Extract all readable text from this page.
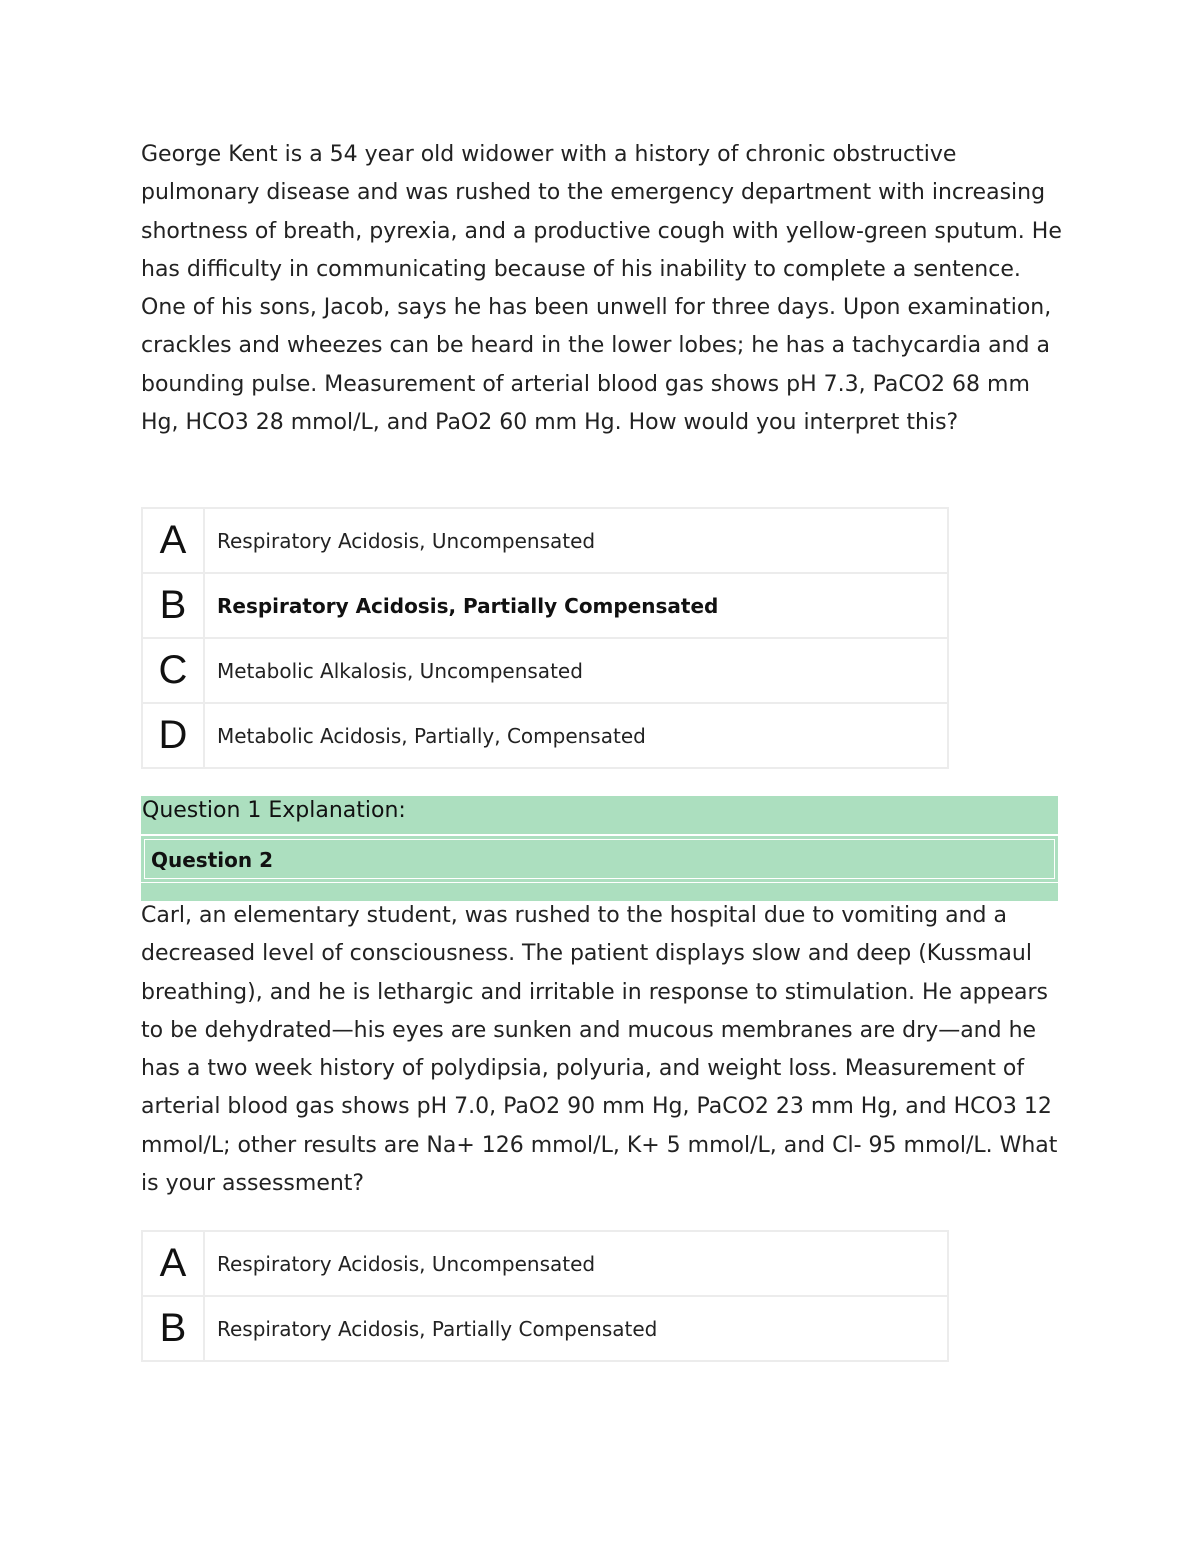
George Kent is a 54 year old widower with a history of chronic obstructive pulmonary disease and was rushed to the emergency department with increasing shortness of breath, pyrexia, and a productive cough with yellow-green sputum. He has difficulty in communicating because of his inability to complete a sentence. One of his sons, Jacob, says he has been unwell for three days. Upon examination, crackles and wheezes can be heard in the lower lobes; he has a tachycardia and a bounding pulse. Measurement of arterial blood gas shows pH 7.3, PaCO2 68 mm Hg, HCO3 28 mmol/L, and PaO2 60 mm Hg. How would you interpret this?

A	Respiratory Acidosis, Uncompensated
B	Respiratory Acidosis, Partially Compensated
C	Metabolic Alkalosis, Uncompensated
D	Metabolic Acidosis, Partially, Compensated
Question 1 Explanation:
Question 2

Carl, an elementary student, was rushed to the hospital due to vomiting and a decreased level of consciousness. The patient displays slow and deep (Kussmaul breathing), and he is lethargic and irritable in response to stimulation. He appears to be dehydrated—his eyes are sunken and mucous membranes are dry—and he has a two week history of polydipsia, polyuria, and weight loss. Measurement of arterial blood gas shows pH 7.0, PaO2 90 mm Hg, PaCO2 23 mm Hg, and HCO3 12 mmol/L; other results are Na+ 126 mmol/L, K+ 5 mmol/L, and Cl- 95 mmol/L. What is your assessment?

A	Respiratory Acidosis, Uncompensated
B	Respiratory Acidosis, Partially Compensated
